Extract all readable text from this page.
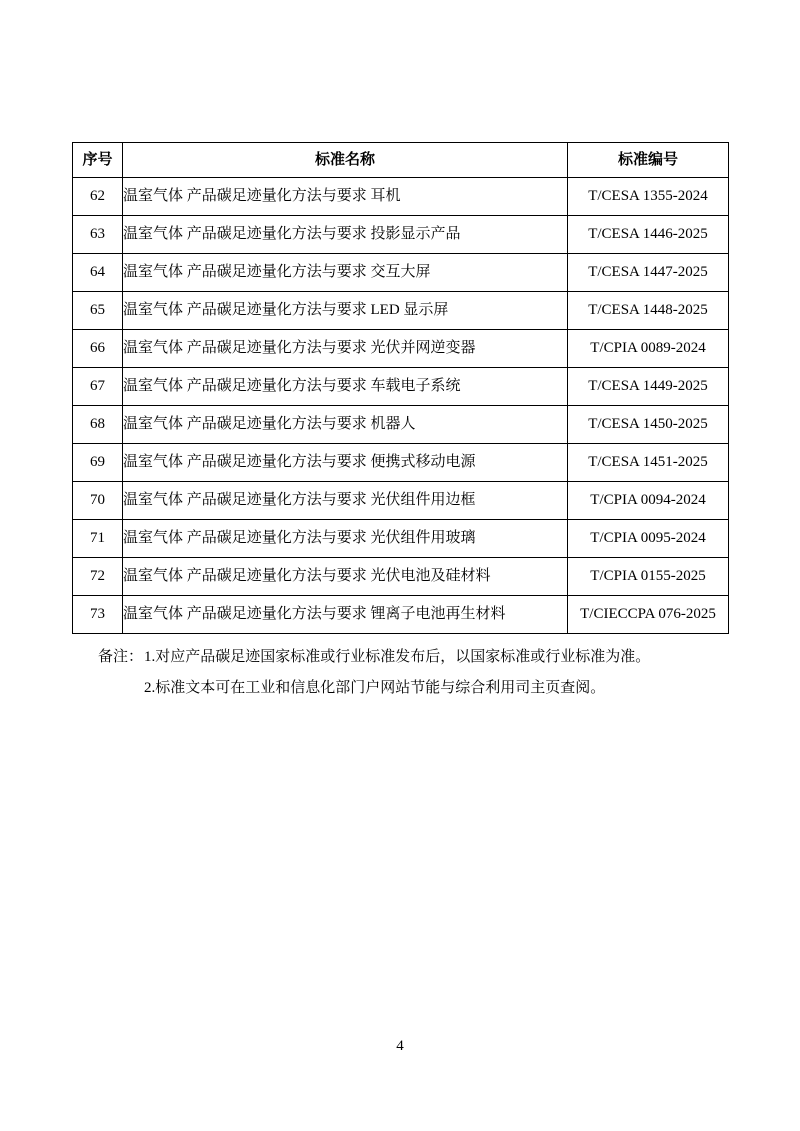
序号	标准名称	标准编号
62	温室气体 产品碳足迹量化方法与要求 耳机	T/CESA 1355-2024
63	温室气体 产品碳足迹量化方法与要求 投影显示产品	T/CESA 1446-2025
64	温室气体 产品碳足迹量化方法与要求 交互大屏	T/CESA 1447-2025
65	温室气体 产品碳足迹量化方法与要求 LED 显示屏	T/CESA 1448-2025
66	温室气体 产品碳足迹量化方法与要求 光伏并网逆变器	T/CPIA 0089-2024
67	温室气体 产品碳足迹量化方法与要求 车载电子系统	T/CESA 1449-2025
68	温室气体 产品碳足迹量化方法与要求 机器人	T/CESA 1450-2025
69	温室气体 产品碳足迹量化方法与要求 便携式移动电源	T/CESA 1451-2025
70	温室气体 产品碳足迹量化方法与要求 光伏组件用边框	T/CPIA 0094-2024
71	温室气体 产品碳足迹量化方法与要求 光伏组件用玻璃	T/CPIA 0095-2024
72	温室气体 产品碳足迹量化方法与要求 光伏电池及硅材料	T/CPIA 0155-2025
73	温室气体 产品碳足迹量化方法与要求 锂离子电池再生材料	T/CIECCPA 076-2025
备注： 1.对应产品碳足迹国家标准或行业标准发布后，以国家标准或行业标准为准。
2.标准文本可在工业和信息化部门户网站节能与综合利用司主页查阅。
4
